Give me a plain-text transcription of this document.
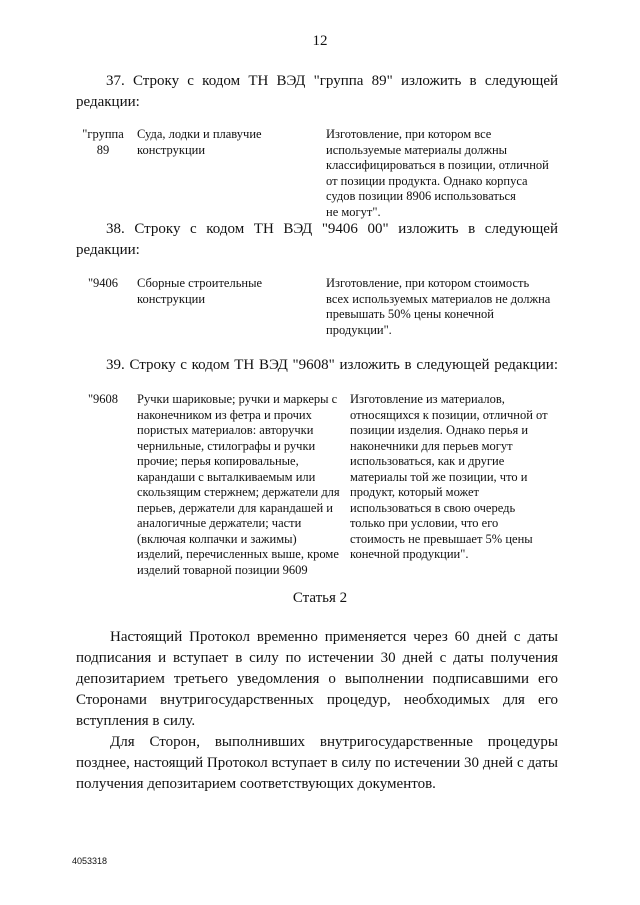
12
37. Строку с кодом ТН ВЭД "группа 89" изложить в следующей
редакции:
"группа
89
Суда, лодки и плавучие
конструкции
Изготовление, при котором все
используемые материалы должны
классифицироваться в позиции, отличной
от позиции продукта. Однако корпуса
судов позиции 8906 использоваться
не могут".
38. Строку с кодом ТН ВЭД "9406 00" изложить в следующей
редакции:
"9406	Сборные строительные
конструкции
Изготовление, при котором стоимость
всех используемых материалов не должна
превышать 50% цены конечной
продукции".
39. Строку с кодом ТН ВЭД "9608" изложить в следующей редакции:
"9608	Ручки шариковые; ручки и маркеры с
наконечником из фетра и прочих
пористых материалов: авторучки
чернильные, стилографы и ручки
прочие; перья копировальные,
карандаши с выталкиваемым или
скользящим стержнем; держатели для
перьев, держатели для карандашей и
аналогичные держатели; части
(включая колпачки и зажимы)
изделий, перечисленных выше, кроме
изделий товарной позиции 9609
Изготовление из материалов,
относящихся к позиции, отличной от
позиции изделия. Однако перья и
наконечники для перьев могут
использоваться, как и другие
материалы той же позиции, что и
продукт, который может
использоваться в свою очередь
только при условии, что его
стоимость не превышает 5% цены
конечной продукции".
Статья 2
Настоящий Протокол временно применяется через 60 дней с даты
подписания и вступает в силу по истечении 30 дней с даты получения
депозитарием третьего уведомления о выполнении подписавшими его
Сторонами внутригосударственных процедур, необходимых для его
вступления в силу.
Для Сторон, выполнивших внутригосударственные процедуры
позднее, настоящий Протокол вступает в силу по истечении 30 дней с даты
получения депозитарием соответствующих документов.
4053318
